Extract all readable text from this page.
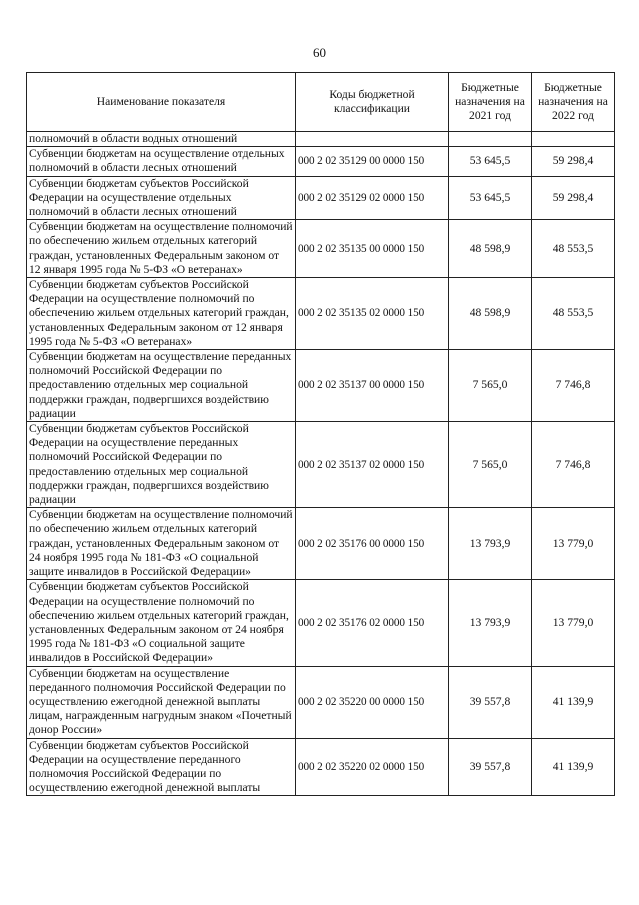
60
Наименование показателя	Коды бюджетной классификации	Бюджетные назначения на 2021 год	Бюджетные назначения на 2022 год
полномочий в области водных отношений			
Субвенции бюджетам на осуществление отдельных полномочий в области лесных отношений	000 2 02 35129 00 0000 150	53 645,5	59 298,4
Субвенции бюджетам субъектов Российской Федерации на осуществление отдельных полномочий в области лесных отношений	000 2 02 35129 02 0000 150	53 645,5	59 298,4
Субвенции бюджетам на осуществление полномочий по обеспечению жильем отдельных категорий граждан, установленных Федеральным законом от 12 января 1995 года № 5-ФЗ «О ветеранах»	000 2 02 35135 00 0000 150	48 598,9	48 553,5
Субвенции бюджетам субъектов Российской Федерации на осуществление полномочий по обеспечению жильем отдельных категорий граждан, установленных Федеральным законом от 12 января 1995 года № 5-ФЗ «О ветеранах»	000 2 02 35135 02 0000 150	48 598,9	48 553,5
Субвенции бюджетам на осуществление переданных полномочий Российской Федерации по предоставлению отдельных мер социальной поддержки граждан, подвергшихся воздействию радиации	000 2 02 35137 00 0000 150	7 565,0	7 746,8
Субвенции бюджетам субъектов Российской Федерации на осуществление переданных полномочий Российской Федерации по предоставлению отдельных мер социальной поддержки граждан, подвергшихся воздействию радиации	000 2 02 35137 02 0000 150	7 565,0	7 746,8
Субвенции бюджетам на осуществление полномочий по обеспечению жильем отдельных категорий граждан, установленных Федеральным законом от 24 ноября 1995 года № 181-ФЗ «О социальной защите инвалидов в Российской Федерации»	000 2 02 35176 00 0000 150	13 793,9	13 779,0
Субвенции бюджетам субъектов Российской Федерации на осуществление полномочий по обеспечению жильем отдельных категорий граждан, установленных Федеральным законом от 24 ноября 1995 года № 181-ФЗ «О социальной защите инвалидов в Российской Федерации»	000 2 02 35176 02 0000 150	13 793,9	13 779,0
Субвенции бюджетам на осуществление переданного полномочия Российской Федерации по осуществлению ежегодной денежной выплаты лицам, награжденным нагрудным знаком «Почетный донор России»	000 2 02 35220 00 0000 150	39 557,8	41 139,9
Субвенции бюджетам субъектов Российской Федерации на осуществление переданного полномочия Российской Федерации по осуществлению ежегодной денежной выплаты	000 2 02 35220 02 0000 150	39 557,8	41 139,9
